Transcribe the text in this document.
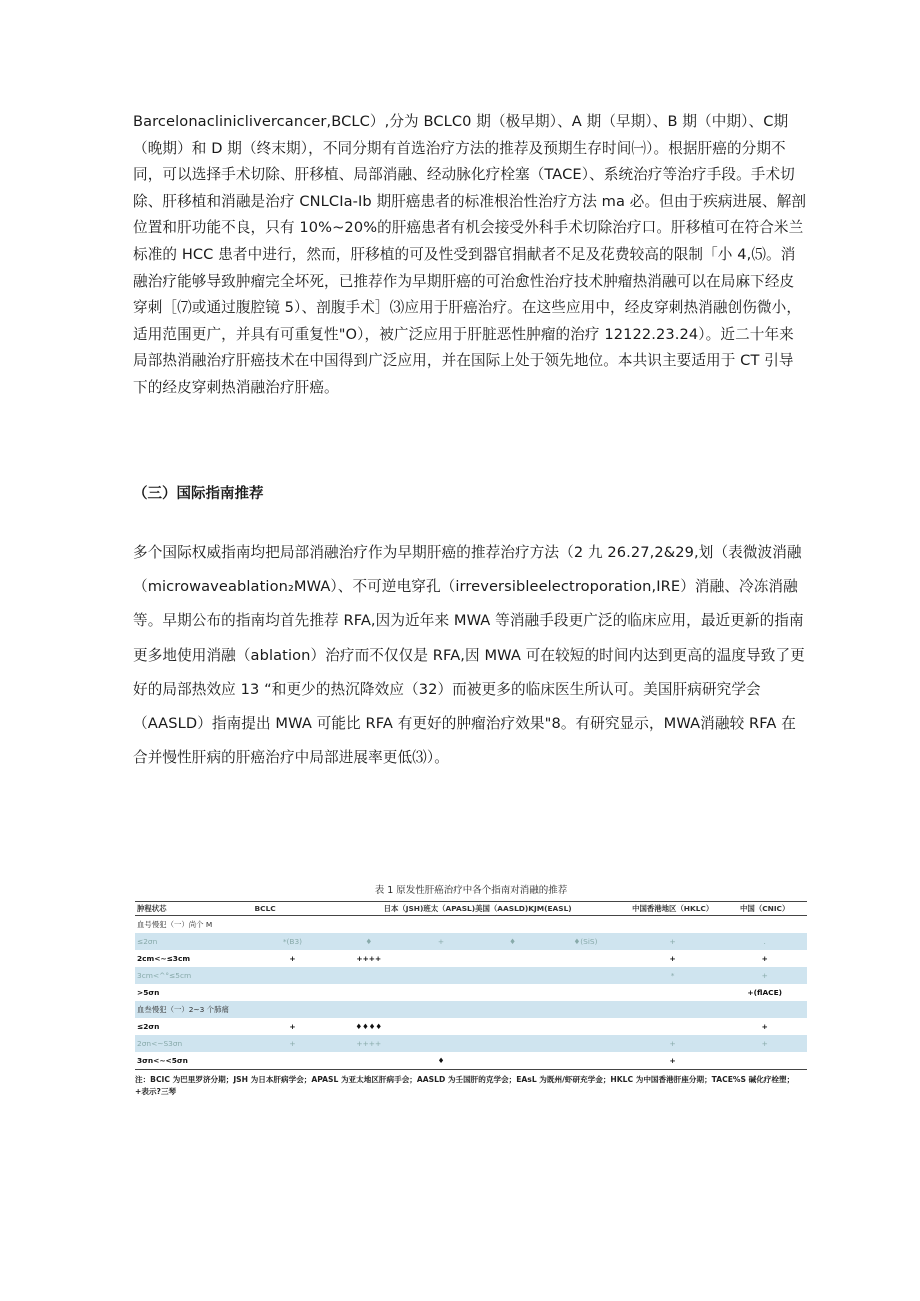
Barcelonacliniclivercancer,BCLC）,分为 BCLC0 期（极早期）、A 期（早期）、B 期（中期）、C期（晚期）和 D 期（终末期），不同分期有首选治疗方法的推荐及预期生存时间㈠）。根据肝癌的分期不同，可以选择手术切除、肝移植、局部消融、经动脉化疗栓塞（TACE）、系统治疗等治疗手段。手术切除、肝移植和消融是治疗 CNLCIa-Ib 期肝癌患者的标准根治性治疗方法 ma 必。但由于疾病进展、解剖位置和肝功能不良，只有 10%~20%的肝癌患者有机会接受外科手术切除治疗口。肝移植可在符合米兰标准的 HCC 患者中进行，然而，肝移植的可及性受到器官捐献者不足及花费较高的限制「小 4,⑸。消融治疗能够导致肿瘤完全坏死，已推荐作为早期肝癌的可治愈性治疗技术肿瘤热消融可以在局麻下经皮穿刺［⑺或通过腹腔镜 5）、剖腹手术］⑶应用于肝癌治疗。在这些应用中，经皮穿刺热消融创伤微小，适用范围更广，并具有可重复性"O），被广泛应用于肝脏恶性肿瘤的治疗 12122.23.24）。近二十年来局部热消融治疗肝癌技术在中国得到广泛应用，并在国际上处于领先地位。本共识主要适用于 CT 引导下的经皮穿刺热消融治疗肝癌。

（三）国际指南推荐

多个国际权威指南均把局部消融治疗作为早期肝癌的推荐治疗方法（2 九 26.27,2&29,划（表微波消融（microwaveablation₂MWA）、不可逆电穿孔（irreversibleelectroporation,IRE）消融、冷冻消融等。早期公布的指南均首先推荐 RFA,因为近年来 MWA 等消融手段更广泛的临床应用，最近更新的指南更多地使用消融（ablation）治疗而不仅仅是 RFA,因 MWA 可在较短的时间内达到更高的温度导致了更好的局部热效应 13 “和更少的热沉降效应（32）而被更多的临床医生所认可。美国肝病研究学会（AASLD）指南提出 MWA 可能比 RFA 有更好的肿瘤治疗效果"8。有研究显示，MWA消融较 RFA 在合并慢性肝病的肝癌治疗中局部进展率更低⑶）。

表 1 原发性肝癌治疗中各个指南对消融的推荐

肿程状芯	BCLC	日本（JSH)班太（APASL)美国（AASLD)KJM(EASL)				中国香港地区（HKLC）	中国（CNIC）
血号慢犯（一）尚个 M							
≤2σn	*(B3)	♦	+	♦	♦(SiS)	+	.
2cm<~≤3cm	+	++++				+	+
3cm<^°≤5cm						*	+
>5σn							+(flACE)
血叁慢犯（一）2~3 个肺痛							
≤2σn	+	♦♦♦♦					+
2σn<~S3σn	+	++++				+	+
3σn<~<5σn			♦			+	

注：BCIC 为巴里罗济分期；JSH 为日本肝病学会；APASL 为亚太地区肝病手会；AASLD 为壬国肝的克学会；EAsL 为既州/虾研充学金；HKLC 为中国香港肝座分期；TACE%S 碱化疗栓塑；+表示?三琴
